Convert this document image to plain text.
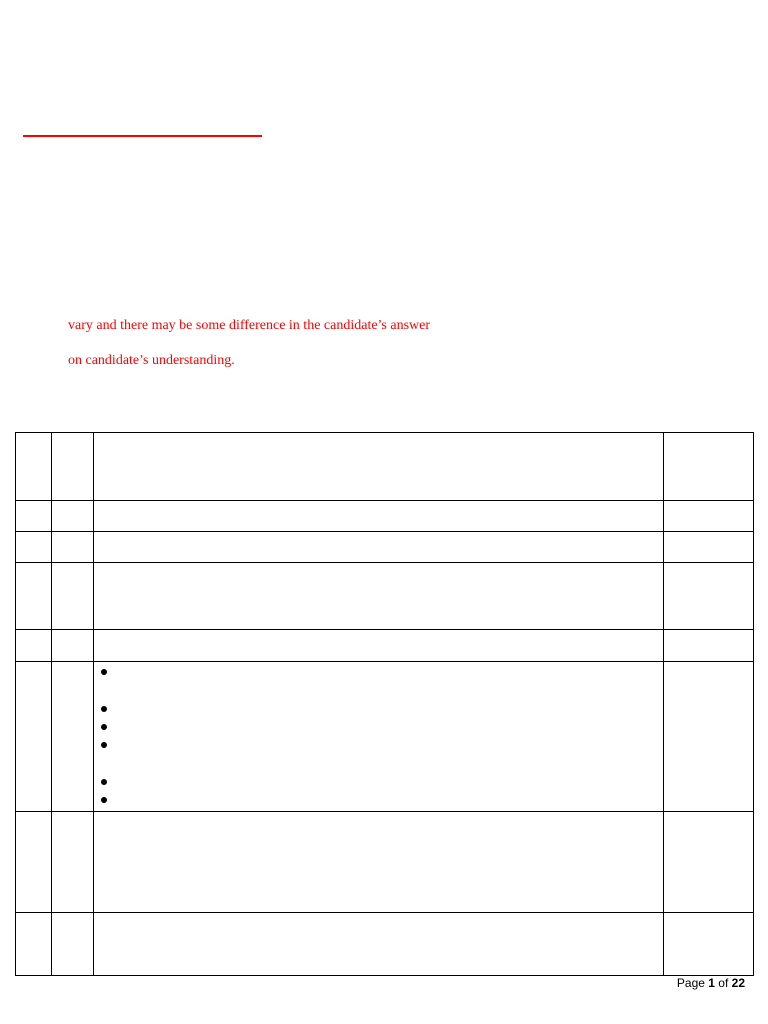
vary and there may be some difference in the candidate’s answer
on candidate’s understanding.

Page 1 of 22
